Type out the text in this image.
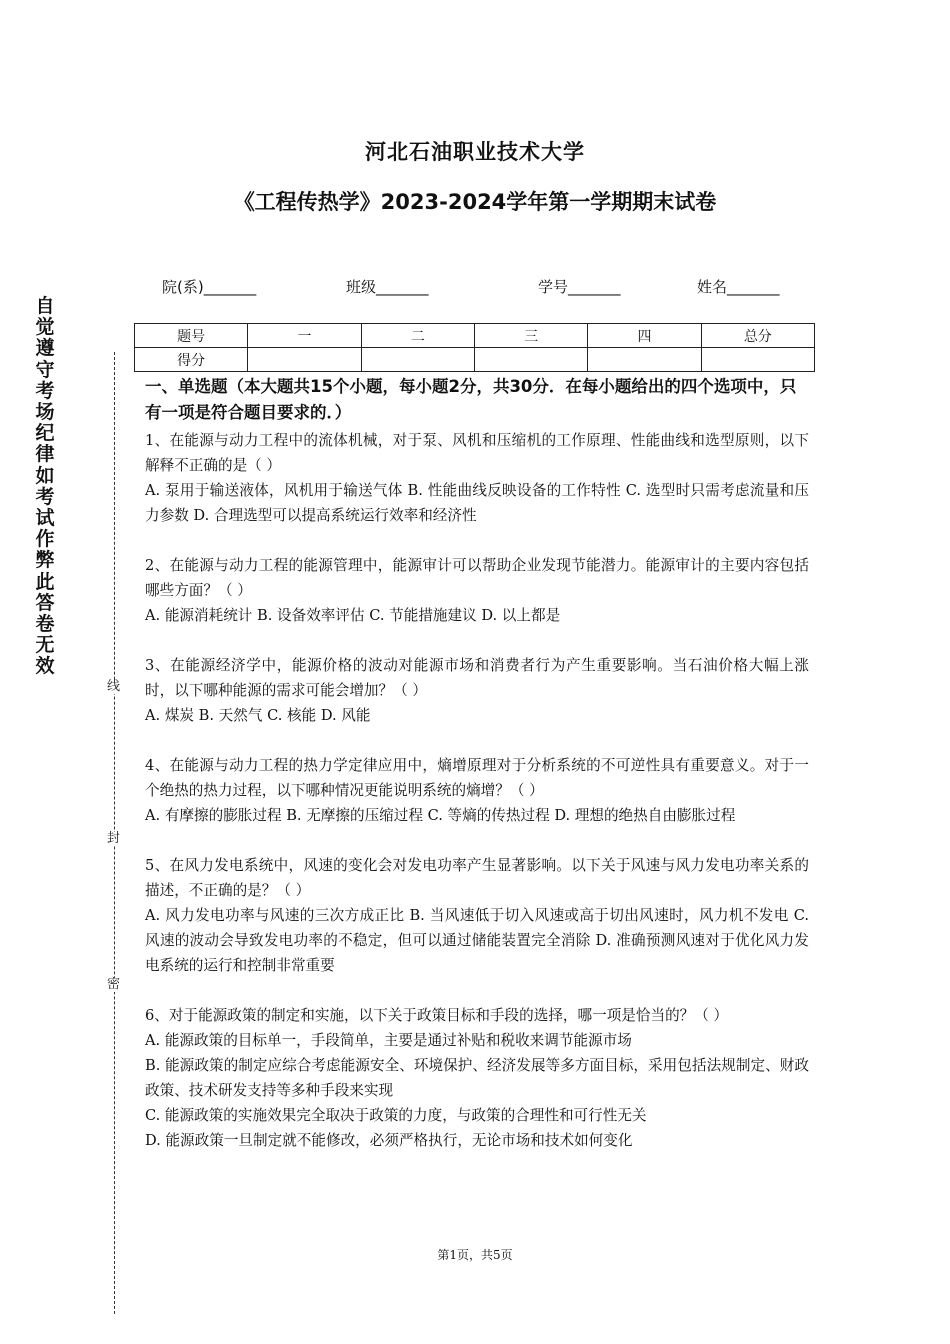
河北石油职业技术大学
《工程传热学》2023-2024学年第一学期期末试卷
院(系)_______	班级_______	学号_______	姓名_______
题号	一	二	三	四	总分
得分					
自觉遵守考场纪律如考试作弊此答卷无效
线
封
密
一、单选题（本大题共15个小题，每小题2分，共30分．在每小题给出的四个选项中，只有一项是符合题目要求的．）

1、在能源与动力工程中的流体机械，对于泵、风机和压缩机的工作原理、性能曲线和选型原则，以下解释不正确的是（ ）

A. 泵用于输送液体，风机用于输送气体 B. 性能曲线反映设备的工作特性 C. 选型时只需考虑流量和压力参数 D. 合理选型可以提高系统运行效率和经济性

2、在能源与动力工程的能源管理中，能源审计可以帮助企业发现节能潜力。能源审计的主要内容包括哪些方面？（ ）

A. 能源消耗统计 B. 设备效率评估 C. 节能措施建议 D. 以上都是

3、在能源经济学中，能源价格的波动对能源市场和消费者行为产生重要影响。当石油价格大幅上涨时，以下哪种能源的需求可能会增加？（ ）

A. 煤炭 B. 天然气 C. 核能 D. 风能

4、在能源与动力工程的热力学定律应用中，熵增原理对于分析系统的不可逆性具有重要意义。对于一个绝热的热力过程，以下哪种情况更能说明系统的熵增？（ ）

A. 有摩擦的膨胀过程 B. 无摩擦的压缩过程 C. 等熵的传热过程 D. 理想的绝热自由膨胀过程

5、在风力发电系统中，风速的变化会对发电功率产生显著影响。以下关于风速与风力发电功率关系的描述，不正确的是？（ ）

A. 风力发电功率与风速的三次方成正比 B. 当风速低于切入风速或高于切出风速时，风力机不发电 C. 风速的波动会导致发电功率的不稳定，但可以通过储能装置完全消除 D. 准确预测风速对于优化风力发电系统的运行和控制非常重要

6、对于能源政策的制定和实施，以下关于政策目标和手段的选择，哪一项是恰当的？（ ）

A. 能源政策的目标单一，手段简单，主要是通过补贴和税收来调节能源市场

B. 能源政策的制定应综合考虑能源安全、环境保护、经济发展等多方面目标，采用包括法规制定、财政政策、技术研发支持等多种手段来实现

C. 能源政策的实施效果完全取决于政策的力度，与政策的合理性和可行性无关

D. 能源政策一旦制定就不能修改，必须严格执行，无论市场和技术如何变化

第1页，共5页
